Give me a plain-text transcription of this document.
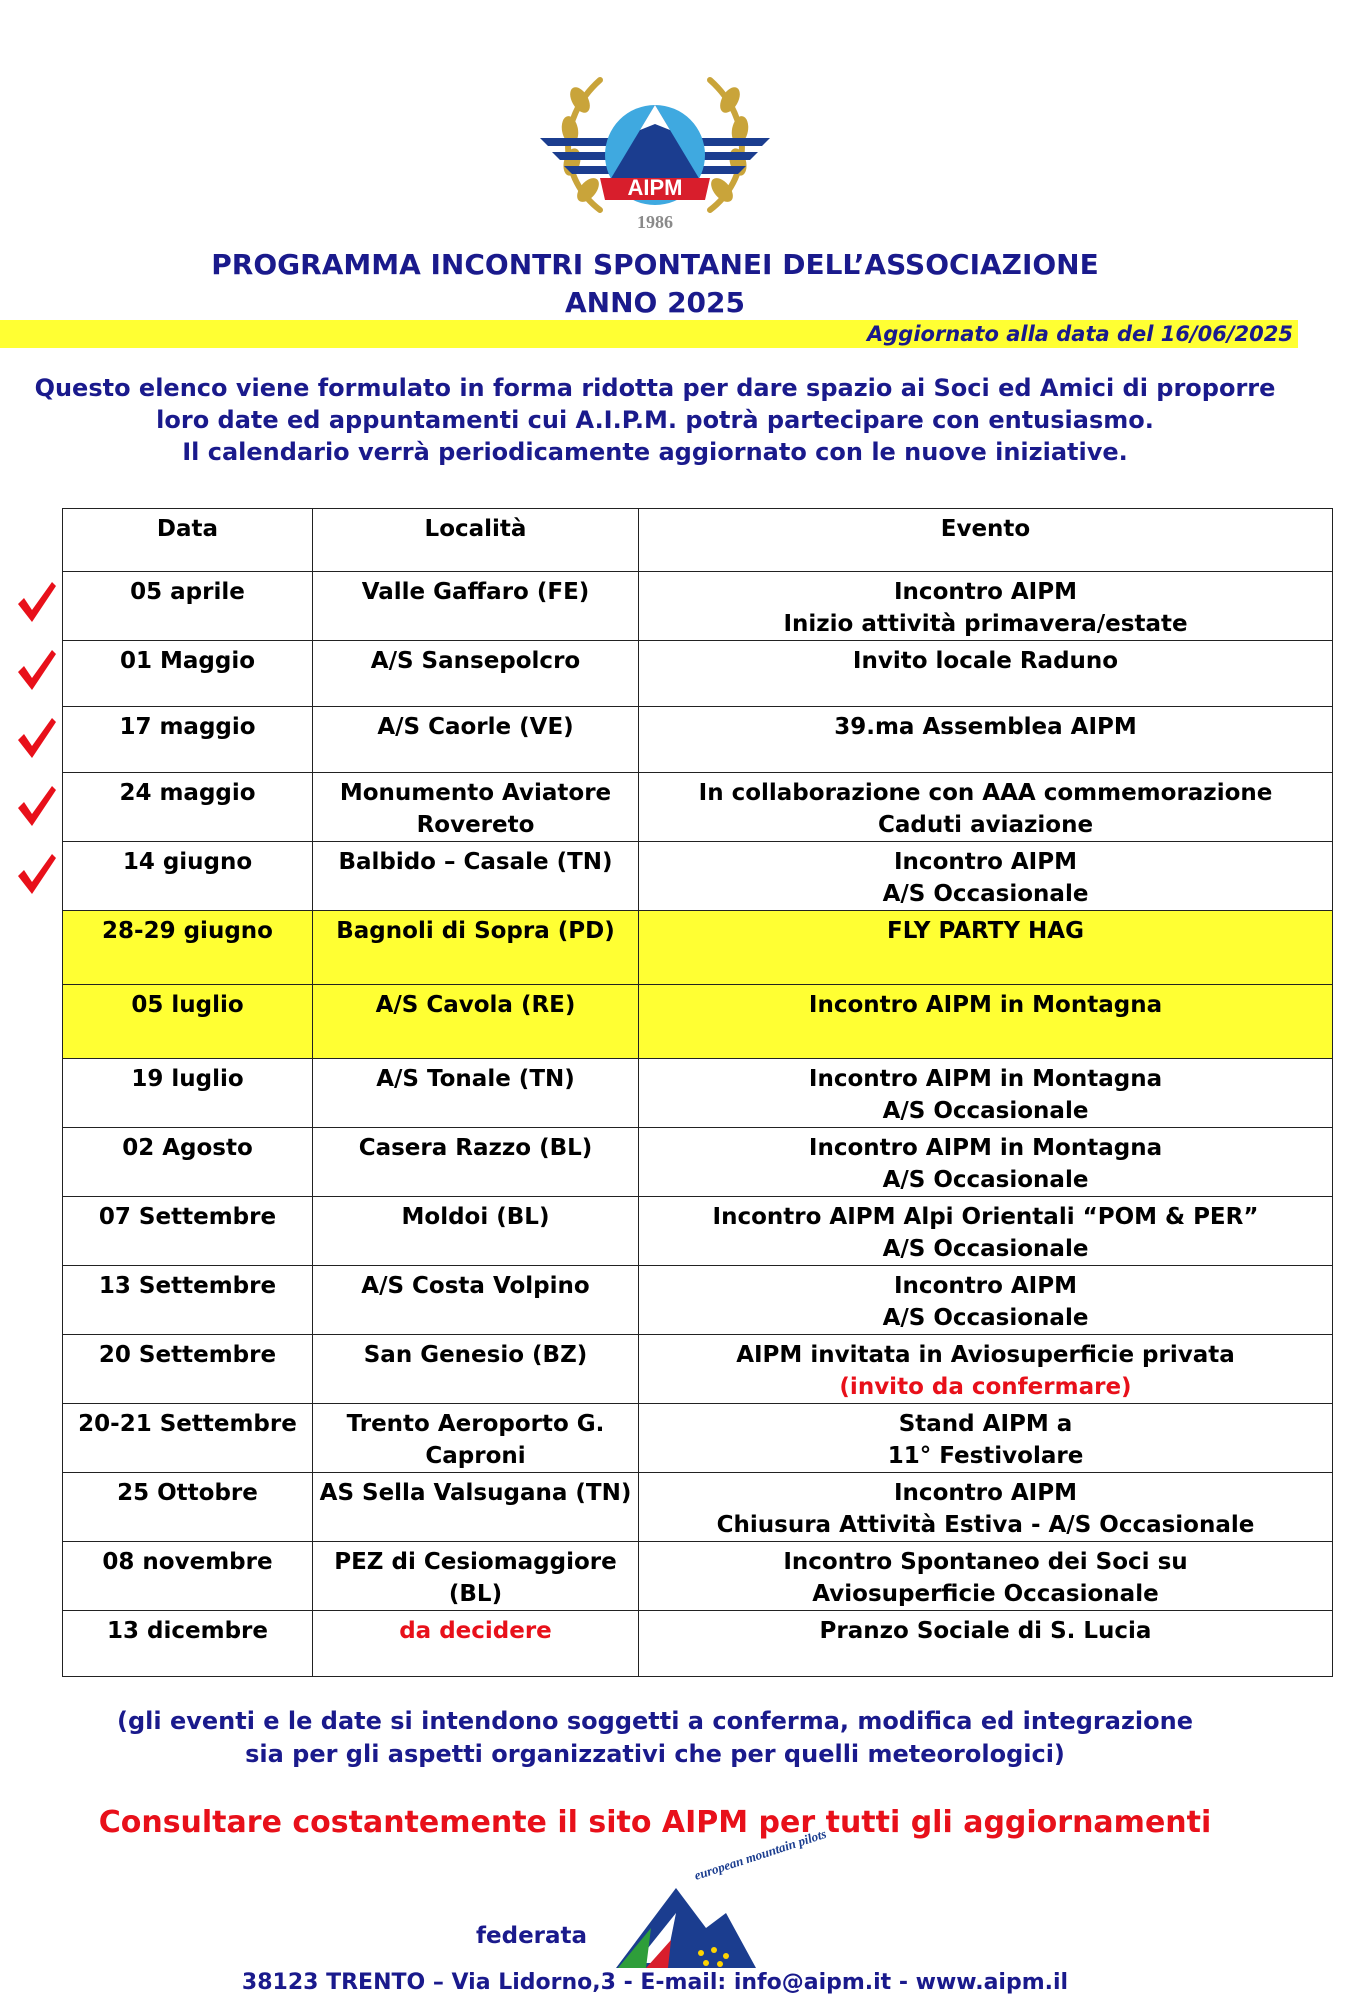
AIPM
1986
PROGRAMMA INCONTRI SPONTANEI DELL’ASSOCIAZIONE
ANNO 2025
Aggiornato alla data del 16/06/2025
Questo elenco viene formulato in forma ridotta per dare spazio ai Soci ed Amici di proporre
loro date ed appuntamenti cui A.I.P.M. potrà partecipare con entusiasmo.
Il calendario verrà periodicamente aggiornato con le nuove iniziative.
Data	Località	Evento
05 aprile	Valle Gaffaro (FE)	Incontro AIPM
Inizio attività primavera/estate

01 Maggio	A/S Sansepolcro	Invito locale Raduno

17 maggio	A/S Caorle (VE)	39.ma Assemblea AIPM

24 maggio	Monumento Aviatore Rovereto	In collaborazione con AAA commemorazione
Caduti aviazione

14 giugno	Balbido – Casale (TN)	Incontro AIPM
A/S Occasionale

28-29 giugno	Bagnoli di Sopra (PD)	FLY PARTY HAG

05 luglio	A/S Cavola (RE)	Incontro AIPM in Montagna

19 luglio	A/S Tonale (TN)	Incontro AIPM in Montagna
A/S Occasionale

02 Agosto	Casera Razzo (BL)	Incontro AIPM in Montagna
A/S Occasionale

07 Settembre	Moldoi (BL)	Incontro AIPM Alpi Orientali “POM & PER”
A/S Occasionale

13 Settembre	A/S Costa Volpino	Incontro AIPM
A/S Occasionale

20 Settembre	San Genesio (BZ)	AIPM invitata in Aviosuperficie privata
(invito da confermare)

20-21 Settembre	Trento Aeroporto G. Caproni	Stand AIPM a
11° Festivolare

25 Ottobre	AS Sella Valsugana (TN)	Incontro AIPM
Chiusura Attività Estiva - A/S Occasionale

08 novembre	PEZ di Cesiomaggiore (BL)	Incontro Spontaneo dei Soci su
Aviosuperficie Occasionale

13 dicembre	da decidere	Pranzo Sociale di S. Lucia
(gli eventi e le date si intendono soggetti a conferma, modifica ed integrazione
sia per gli aspetti organizzativi che per quelli meteorologici)
Consultare costantemente il sito AIPM per tutti gli aggiornamenti
federata
european mountain pilots
38123 TRENTO – Via Lidorno,3 - E-mail: info@aipm.it - www.aipm.il
